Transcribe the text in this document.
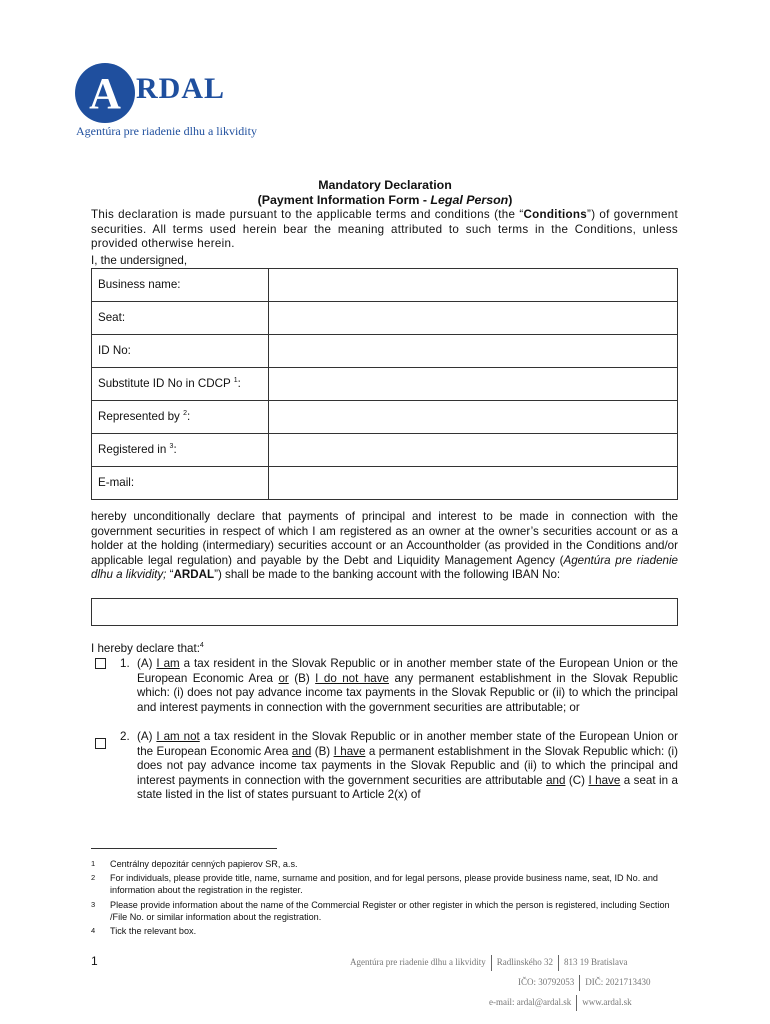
A RDAL
Agentúra pre riadenie dlhu a likvidity
Mandatory Declaration
(Payment Information Form - Legal Person)
This declaration is made pursuant to the applicable terms and conditions (the “Conditions”) of government securities. All terms used herein bear the meaning attributed to such terms in the Conditions, unless provided otherwise herein.
I, the undersigned,
Business name:	
Seat:	
ID No:	
Substitute ID No in CDCP $^1$:	
Represented by $^2$:	
Registered in $^3$:	
E-mail:	
hereby unconditionally declare that payments of principal and interest to be made in connection with the government securities in respect of which I am registered as an owner at the owner’s securities account or as a holder at the holding (intermediary) securities account or an Accountholder (as provided in the Conditions and/or applicable legal regulation) and payable by the Debt and Liquidity Management Agency (Agentúra pre riadenie dlhu a likvidity; “ARDAL”) shall be made to the banking account with the following IBAN No:
I hereby declare that:$^4$
1. (A) I am a tax resident in the Slovak Republic or in another member state of the European Union or the European Economic Area or (B) I do not have any permanent establishment in the Slovak Republic which: (i) does not pay advance income tax payments in the Slovak Republic or (ii) to which the principal and interest payments in connection with the government securities are attributable; or
2. (A) I am not a tax resident in the Slovak Republic or in another member state of the European Union or the European Economic Area and (B) I have a permanent establishment in the Slovak Republic which: (i) does not pay advance income tax payments in the Slovak Republic and (ii) to which the principal and interest payments in connection with the government securities are attributable and (C) I have a seat in a state listed in the list of states pursuant to Article 2(x) of
1 Centrálny depozitár cenných papierov SR, a.s.
2 For individuals, please provide title, name, surname and position, and for legal persons, please provide business name, seat, ID No. and information about the registration in the register.
3 Please provide information about the name of the Commercial Register or other register in which the person is registered, including Section /File No. or similar information about the registration.
4 Tick the relevant box.
1	Agentúra pre riadenie dlhu a likvidity Radlinského 32 813 19 Bratislava
IČO: 30792053 DIČ: 2021713430
e-mail: ardal@ardal.sk www.ardal.sk
